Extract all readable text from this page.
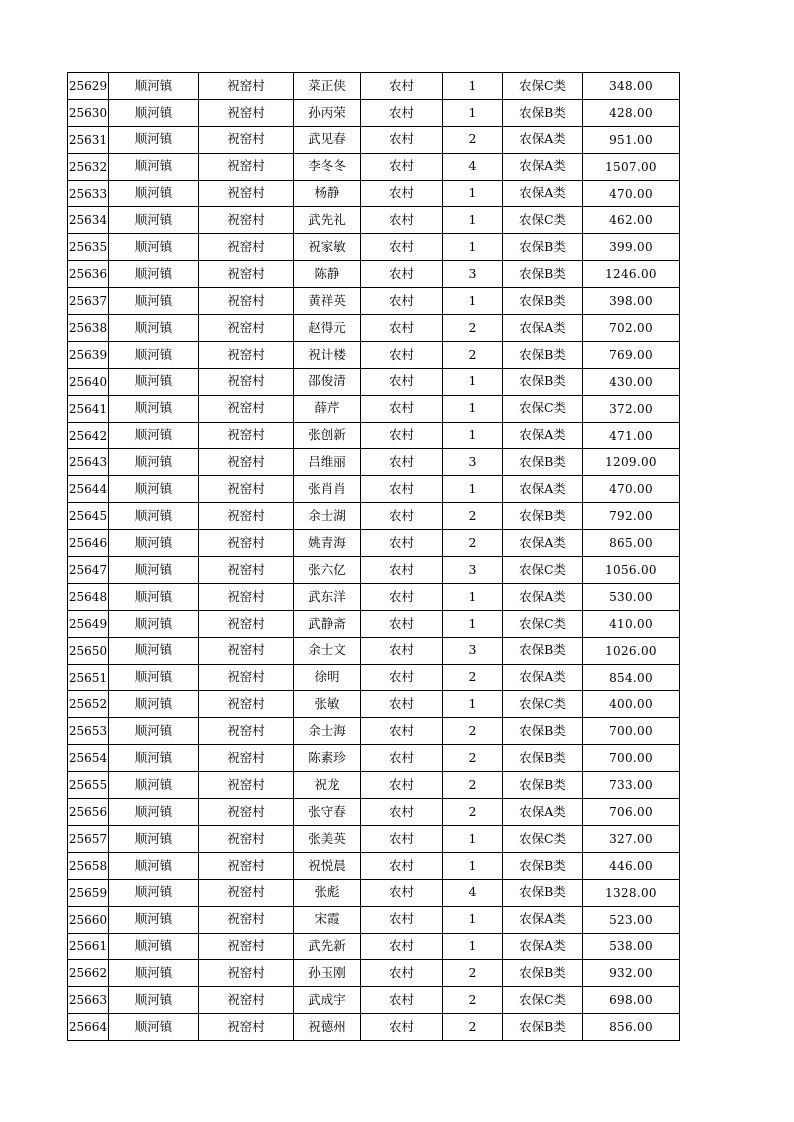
25629	顺河镇	祝窑村	菜正侠	农村	1	农保C类	348.00
25630	顺河镇	祝窑村	孙丙荣	农村	1	农保B类	428.00
25631	顺河镇	祝窑村	武见春	农村	2	农保A类	951.00
25632	顺河镇	祝窑村	李冬冬	农村	4	农保A类	1507.00
25633	顺河镇	祝窑村	杨静	农村	1	农保A类	470.00
25634	顺河镇	祝窑村	武先礼	农村	1	农保C类	462.00
25635	顺河镇	祝窑村	祝家敏	农村	1	农保B类	399.00
25636	顺河镇	祝窑村	陈静	农村	3	农保B类	1246.00
25637	顺河镇	祝窑村	黄祥英	农村	1	农保B类	398.00
25638	顺河镇	祝窑村	赵得元	农村	2	农保A类	702.00
25639	顺河镇	祝窑村	祝计楼	农村	2	农保B类	769.00
25640	顺河镇	祝窑村	邵俊清	农村	1	农保B类	430.00
25641	顺河镇	祝窑村	薛芹	农村	1	农保C类	372.00
25642	顺河镇	祝窑村	张创新	农村	1	农保A类	471.00
25643	顺河镇	祝窑村	吕维丽	农村	3	农保B类	1209.00
25644	顺河镇	祝窑村	张肖肖	农村	1	农保A类	470.00
25645	顺河镇	祝窑村	余士湖	农村	2	农保B类	792.00
25646	顺河镇	祝窑村	姚青海	农村	2	农保A类	865.00
25647	顺河镇	祝窑村	张六亿	农村	3	农保C类	1056.00
25648	顺河镇	祝窑村	武东洋	农村	1	农保A类	530.00
25649	顺河镇	祝窑村	武静斋	农村	1	农保C类	410.00
25650	顺河镇	祝窑村	余士文	农村	3	农保B类	1026.00
25651	顺河镇	祝窑村	徐明	农村	2	农保A类	854.00
25652	顺河镇	祝窑村	张敏	农村	1	农保C类	400.00
25653	顺河镇	祝窑村	余士海	农村	2	农保B类	700.00
25654	顺河镇	祝窑村	陈素珍	农村	2	农保B类	700.00
25655	顺河镇	祝窑村	祝龙	农村	2	农保B类	733.00
25656	顺河镇	祝窑村	张守春	农村	2	农保A类	706.00
25657	顺河镇	祝窑村	张美英	农村	1	农保C类	327.00
25658	顺河镇	祝窑村	祝悦晨	农村	1	农保B类	446.00
25659	顺河镇	祝窑村	张彪	农村	4	农保B类	1328.00
25660	顺河镇	祝窑村	宋霞	农村	1	农保A类	523.00
25661	顺河镇	祝窑村	武先新	农村	1	农保A类	538.00
25662	顺河镇	祝窑村	孙玉刚	农村	2	农保B类	932.00
25663	顺河镇	祝窑村	武成宇	农村	2	农保C类	698.00
25664	顺河镇	祝窑村	祝德州	农村	2	农保B类	856.00
